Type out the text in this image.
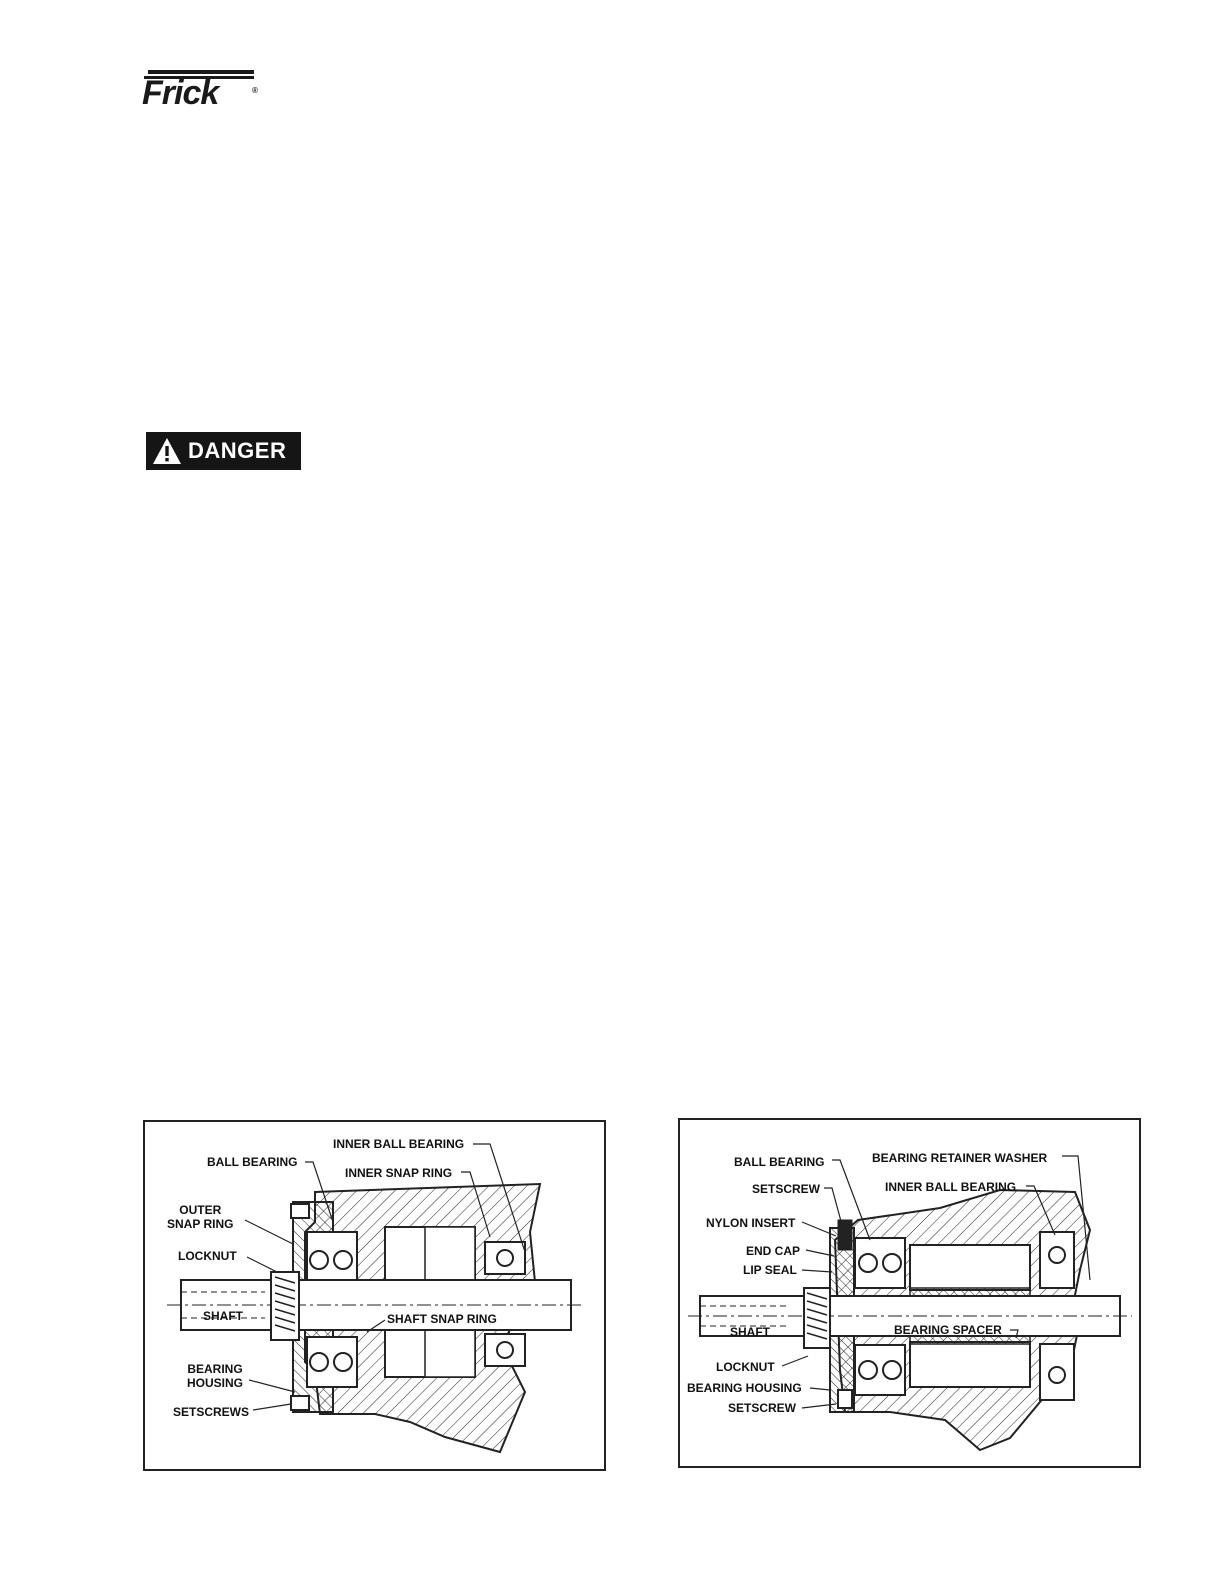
Frick	®
DANGER
INNER BALL BEARING
BALL BEARING
INNER SNAP RING
OUTER
SNAP RING
LOCKNUT
SHAFT	SHAFT SNAP RING
BEARING
HOUSING
SETSCREWS
BALL BEARING	BEARING RETAINER WASHER
SETSCREW	INNER BALL BEARING
NYLON INSERT
END CAP
LIP SEAL
SHAFT	BEARING SPACER
LOCKNUT
BEARING HOUSING
SETSCREW
